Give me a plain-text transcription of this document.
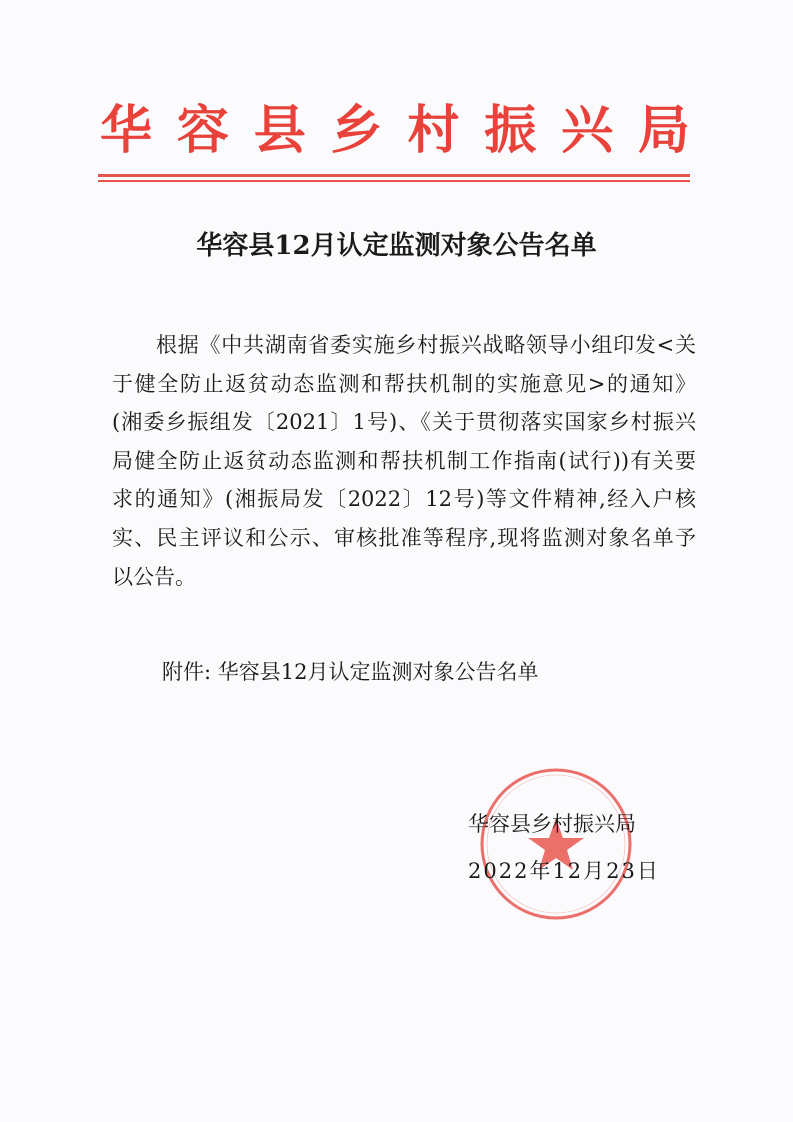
华 容 县 乡 村 振 兴 局
华容县12月认定监测对象公告名单
根据《中共湖南省委实施乡村振兴战略领导小组印发<关
于健全防止返贫动态监测和帮扶机制的实施意见>的通知》
(湘委乡振组发〔2021〕1号)、《关于贯彻落实国家乡村振兴
局健全防止返贫动态监测和帮扶机制工作指南(试行))有关要
求的通知》(湘振局发〔2022〕12号)等文件精神,经入户核
实、民主评议和公示、审核批准等程序,现将监测对象名单予
以公告。
附件: 华容县12月认定监测对象公告名单
华容县乡村振兴局
2022年12月23日
